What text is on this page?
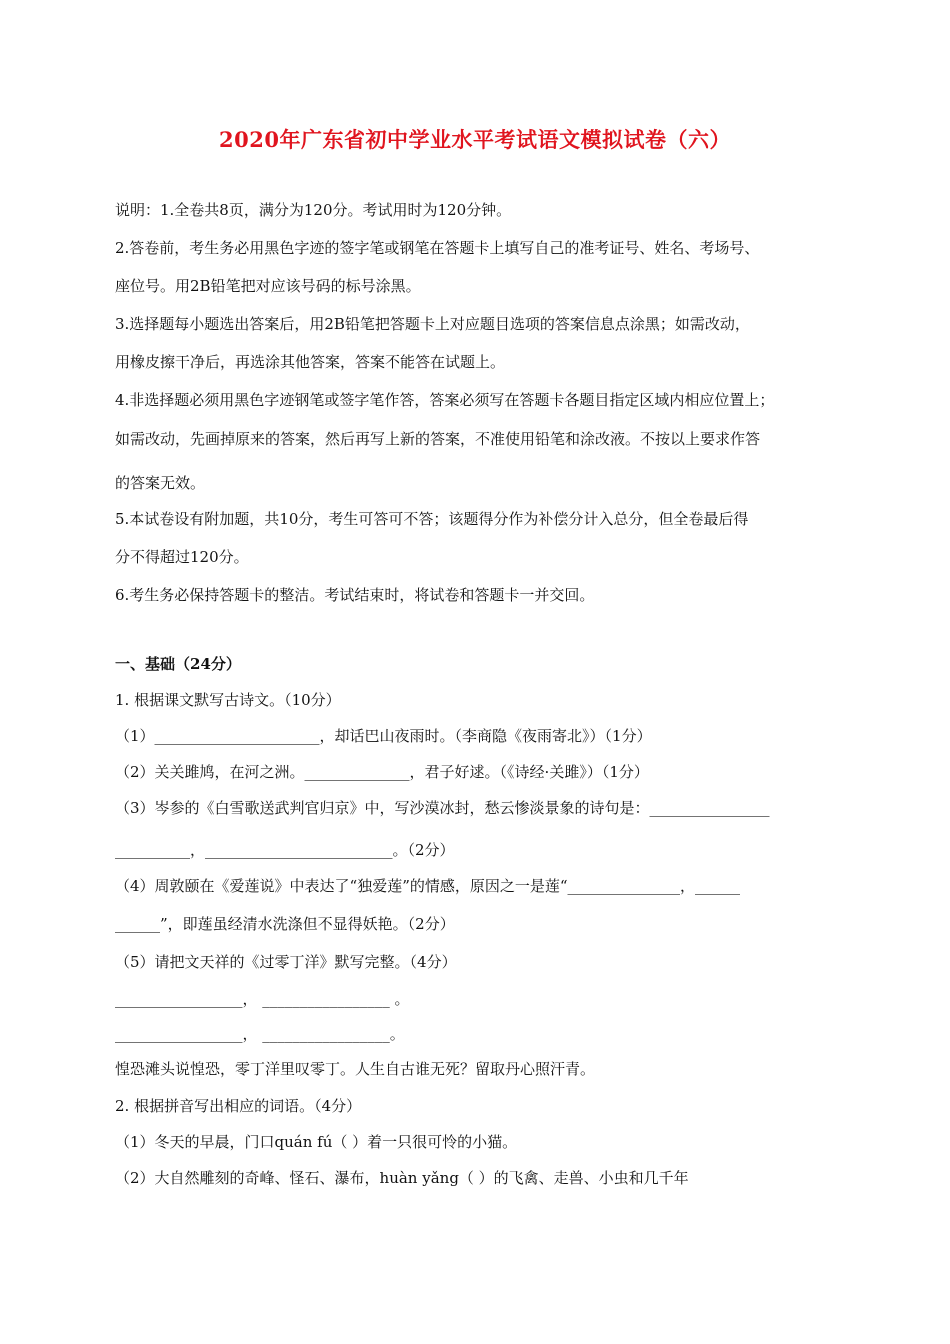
2020年广东省初中学业水平考试语文模拟试卷（六）
说明：1.全卷共8页，满分为120分。考试用时为120分钟。
2.答卷前，考生务必用黑色字迹的签字笔或钢笔在答题卡上填写自己的准考证号、姓名、考场号、
座位号。用2B铅笔把对应该号码的标号涂黑。
3.选择题每小题选出答案后，用2B铅笔把答题卡上对应题目选项的答案信息点涂黑；如需改动，
用橡皮擦干净后，再选涂其他答案，答案不能答在试题上。
4.非选择题必须用黑色字迹钢笔或签字笔作答，答案必须写在答题卡各题目指定区域内相应位置上；
如需改动，先画掉原来的答案，然后再写上新的答案，不准使用铅笔和涂改液。不按以上要求作答
的答案无效。
5.本试卷设有附加题，共10分，考生可答可不答；该题得分作为补偿分计入总分，但全卷最后得
分不得超过120分。
6.考生务必保持答题卡的整洁。考试结束时，将试卷和答题卡一并交回。
一、基础（24分）
1. 根据课文默写古诗文。（10分）
（1）______________________，却话巴山夜雨时。（李商隐《夜雨寄北》）（1分）
（2）关关雎鸠，在河之洲。______________，君子好逑。（《诗经·关雎》）（1分）
（3）岑参的《白雪歌送武判官归京》中，写沙漠冰封，愁云惨淡景象的诗句是：________________
__________，_________________________。（2分）
（4）周敦颐在《爱莲说》中表达了“独爱莲”的情感，原因之一是莲“_______________，______
______”，即莲虽经清水洗涤但不显得妖艳。（2分）
（5）请把文天祥的《过零丁洋》默写完整。（4分）
_________________， _________________ 。
_________________， _________________。
惶恐滩头说惶恐，零丁洋里叹零丁。人生自古谁无死？留取丹心照汗青。
2. 根据拼音写出相应的词语。（4分）
（1）冬天的早晨，门口quán fú（ ）着一只很可怜的小猫。
（2）大自然雕刻的奇峰、怪石、瀑布，huàn yǎng（ ）的飞禽、走兽、小虫和几千年
